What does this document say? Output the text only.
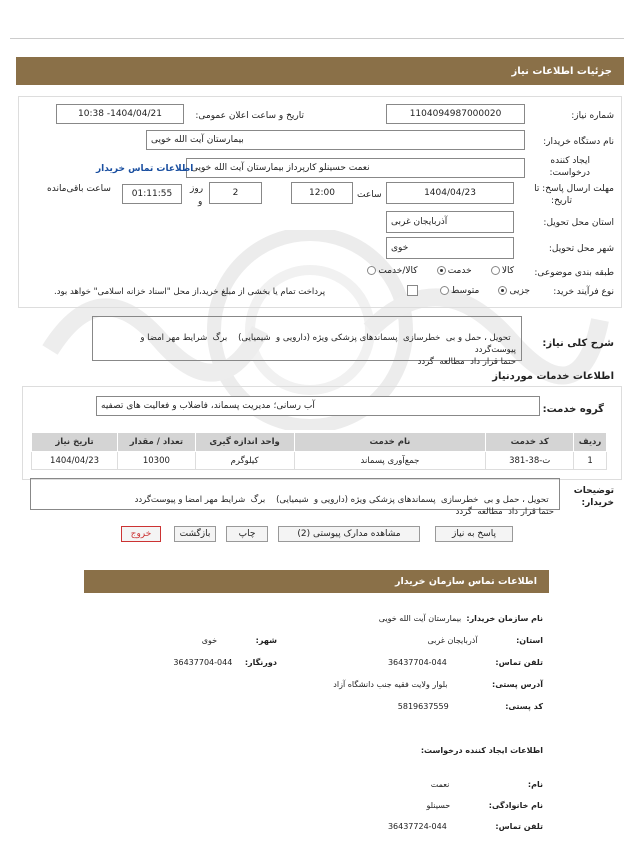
جزئیات اطلاعات نیاز
شماره نیاز:
1104094987000020
تاریخ و ساعت اعلان عمومی:
1404/04/21- 10:38
نام دستگاه خریدار:
بیمارستان آیت الله خویی
ایجاد کننده
درخواست:
نعمت حسینلو کارپرداز بیمارستان آیت الله خویی
اطلاعات تماس خریدار
مهلت ارسال پاسخ: تا
تاریخ:
1404/04/23
ساعت
12:00
2
روز
و
01:11:55
ساعت باقی‌مانده
استان محل تحویل:
آذربایجان غربی
شهر محل تحویل:
خوی
طبقه بندی موضوعی:
کالا      خدمت      کالا/خدمت
نوع فرآیند خرید:
جزیی      متوسط
پرداخت تمام یا بخشی از مبلغ خرید،از محل "اسناد خزانه اسلامی" خواهد بود.
شرح کلی نیاز:

تحویل ، حمل و بی  خطرسازی  پسماندهای پزشکی ویژه (دارویی و  شیمیایی)    برگ  شرایط مهر امضا و پیوست‌گردد
حتما قرار داد  مطالعه  گردد

اطلاعات خدمات موردنیاز
گروه خدمت:
آب رسانی؛ مدیریت پسماند، فاضلاب و فعالیت های تصفیه
ردیف	کد خدمت	نام خدمت	واحد اندازه گیری	تعداد / مقدار	تاریخ نیاز
1	ت-38-381	جمع‌آوری پسماند	کیلوگرم	10300	1404/04/23
توضیحات
خریدار:

تحویل ، حمل و بی  خطرسازی  پسماندهای پزشکی ویژه (دارویی و  شیمیایی)    برگ  شرایط مهر امضا و پیوست‌گردد
حتما قرار داد  مطالعه  گردد

پاسخ به نیاز
مشاهده مدارک پیوستی (2)
چاپ
بازگشت
خروج
اطلاعات تماس سازمان خریدار
نام سازمان خریدار:  بیمارستان آیت الله خویی
استان: آذربایجان غربی
شهر: خوی
تلفن تماس: 044-36437704
دورنگار: 044-36437704
آدرس پستی: بلوار ولایت فقیه جنب دانشگاه آزاد
کد پستی: 5819637559
اطلاعات ایجاد کننده درخواست:
نام: نعمت
نام خانوادگی: حسینلو
تلفن تماس: 044-36437724
